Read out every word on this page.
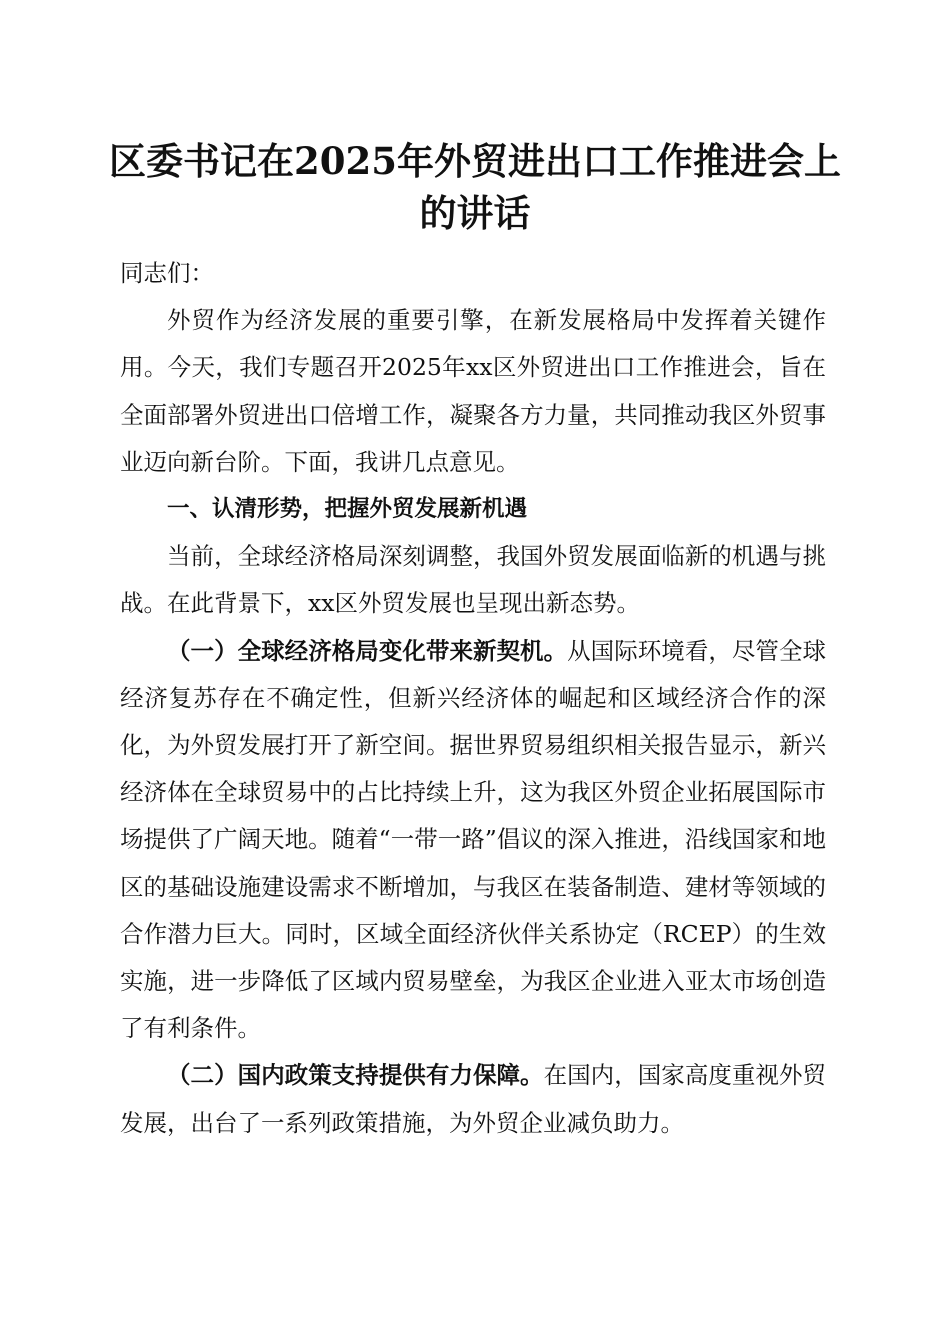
区委书记在2025年外贸进出口工作推进会上
的讲话

同志们：

外贸作为经济发展的重要引擎，在新发展格局中发挥着关键作用。今天，我们专题召开2025年xx区外贸进出口工作推进会，旨在全面部署外贸进出口倍增工作，凝聚各方力量，共同推动我区外贸事业迈向新台阶。下面，我讲几点意见。

一、认清形势，把握外贸发展新机遇

当前，全球经济格局深刻调整，我国外贸发展面临新的机遇与挑战。在此背景下，xx区外贸发展也呈现出新态势。

（一）全球经济格局变化带来新契机。从国际环境看，尽管全球经济复苏存在不确定性，但新兴经济体的崛起和区域经济合作的深化，为外贸发展打开了新空间。据世界贸易组织相关报告显示，新兴经济体在全球贸易中的占比持续上升，这为我区外贸企业拓展国际市场提供了广阔天地。随着“一带一路”倡议的深入推进，沿线国家和地区的基础设施建设需求不断增加，与我区在装备制造、建材等领域的合作潜力巨大。同时，区域全面经济伙伴关系协定（RCEP）的生效实施，进一步降低了区域内贸易壁垒，为我区企业进入亚太市场创造了有利条件。

（二）国内政策支持提供有力保障。在国内，国家高度重视外贸发展，出台了一系列政策措施，为外贸企业减负助力。
